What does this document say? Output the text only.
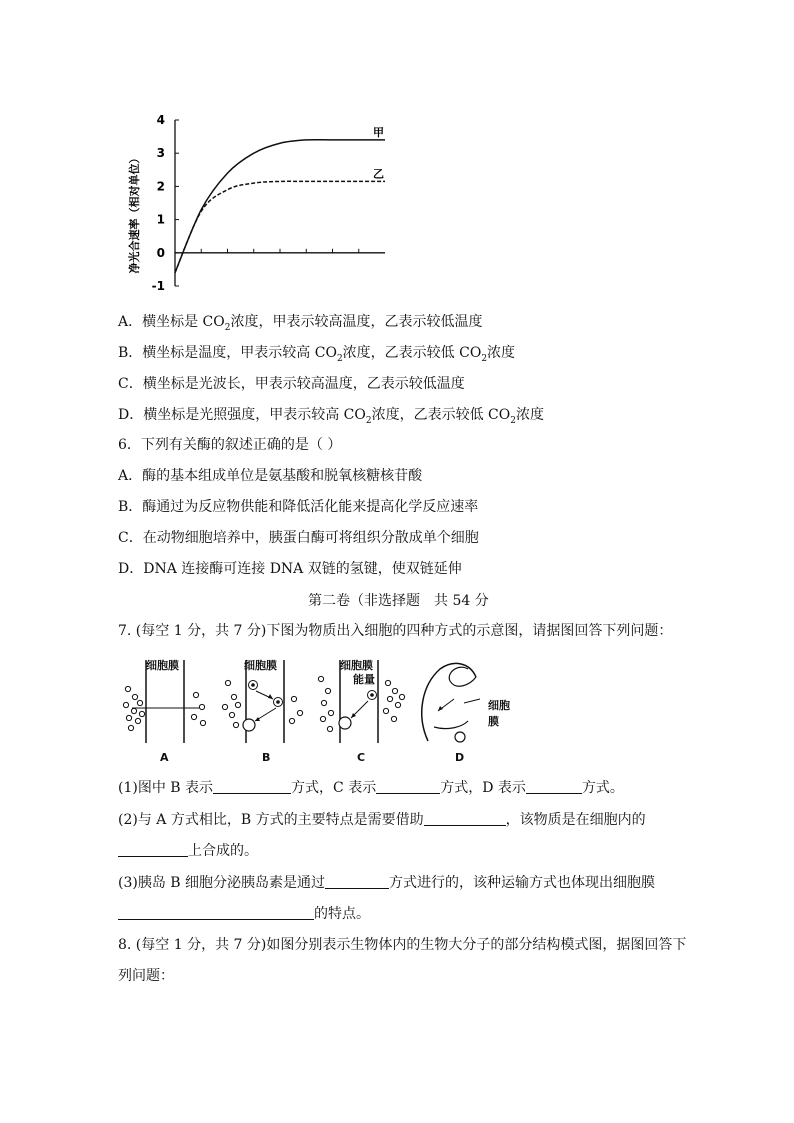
4
3
2
1
0
-1
甲
乙
净光合速率（相对单位）
A．横坐标是 $CO_2$浓度，甲表示较高温度，乙表示较低温度
B．横坐标是温度，甲表示较高 $CO_2$浓度，乙表示较低 $CO_2$浓度
C．横坐标是光波长，甲表示较高温度，乙表示较低温度
D．横坐标是光照强度，甲表示较高 $CO_2$浓度，乙表示较低 $CO_2$浓度
6．下列有关酶的叙述正确的是（ ）
A．酶的基本组成单位是氨基酸和脱氧核糖核苷酸
B．酶通过为反应物供能和降低活化能来提高化学反应速率
C．在动物细胞培养中，胰蛋白酶可将组织分散成单个细胞
D．DNA 连接酶可连接 DNA 双链的氢键，使双链延伸
第二卷（非选择题　共 54 分
7. (每空 1 分，共 7 分)下图为物质出入细胞的四种方式的示意图，请据图回答下列问题：
细胞膜	细胞膜	细胞膜
能量
细胞
膜
A	B	C	D
(1)图中 B 表示	方式，C 表示	方式，D 表示	方式。
(2)与 A 方式相比，B 方式的主要特点是需要借助	，该物质是在细胞内的
上合成的。
(3)胰岛 B 细胞分泌胰岛素是通过	方式进行的，该种运输方式也体现出细胞膜
的特点。
8. (每空 1 分，共 7 分)如图分别表示生物体内的生物大分子的部分结构模式图，据图回答下
列问题：
